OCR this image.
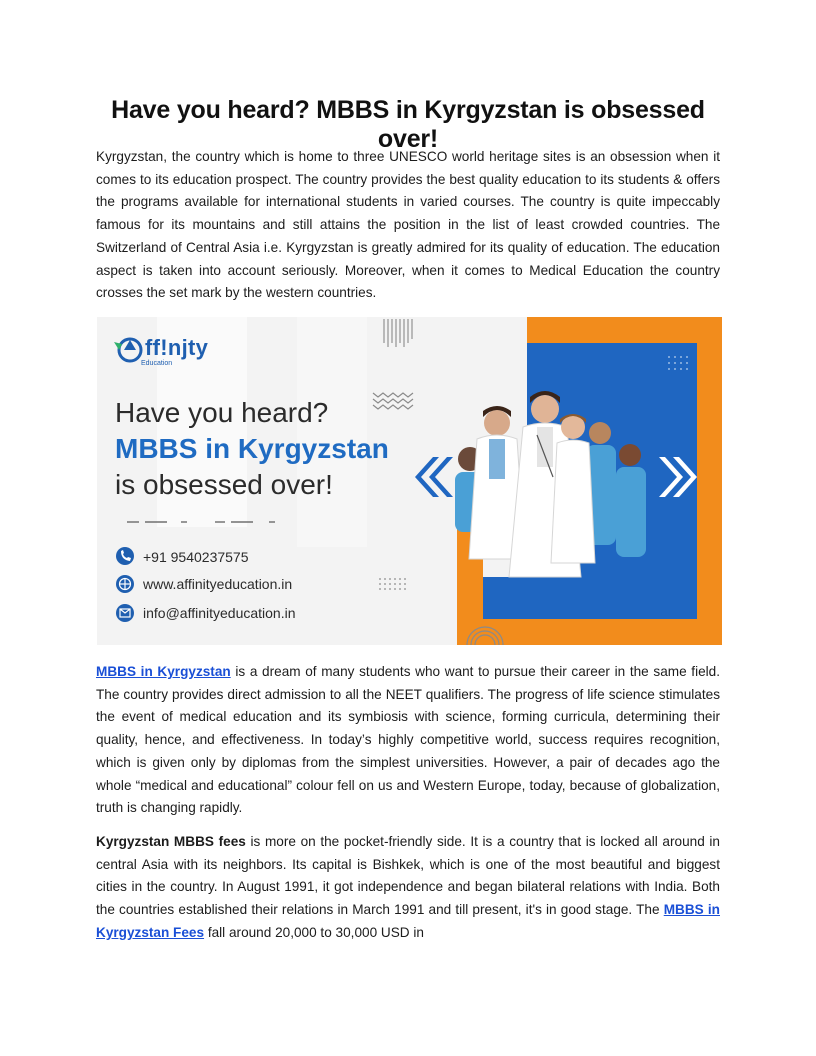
Have you heard? MBBS in Kyrgyzstan is obsessed over!

Kyrgyzstan, the country which is home to three UNESCO world heritage sites is an obsession when it comes to its education prospect. The country provides the best quality education to its students & offers the programs available for international students in varied courses. The country is quite impeccably famous for its mountains and still attains the position in the list of least crowded countries. The Switzerland of Central Asia i.e. Kyrgyzstan is greatly admired for its quality of education. The education aspect is taken into account seriously. Moreover, when it comes to Medical Education the country crosses the set mark by the western countries.

ff!njty
Education
Have you heard?
MBBS in Kyrgyzstan
is obsessed over!
+91 9540237575
www.affinityeducation.in
info@affinityeducation.in

MBBS in Kyrgyzstan is a dream of many students who want to pursue their career in the same field. The country provides direct admission to all the NEET qualifiers. The progress of life science stimulates the event of medical education and its symbiosis with science, forming curricula, determining their quality, hence, and effectiveness. In today’s highly competitive world, success requires recognition, which is given only by diplomas from the simplest universities. However, a pair of decades ago the whole “medical and educational” colour fell on us and Western Europe, today, because of globalization, truth is changing rapidly.

Kyrgyzstan MBBS fees is more on the pocket-friendly side. It is a country that is locked all around in central Asia with its neighbors. Its capital is Bishkek, which is one of the most beautiful and biggest cities in the country. In August 1991, it got independence and began bilateral relations with India. Both the countries established their relations in March 1991 and till present, it's in good stage. The MBBS in Kyrgyzstan Fees fall around 20,000 to 30,000 USD in
